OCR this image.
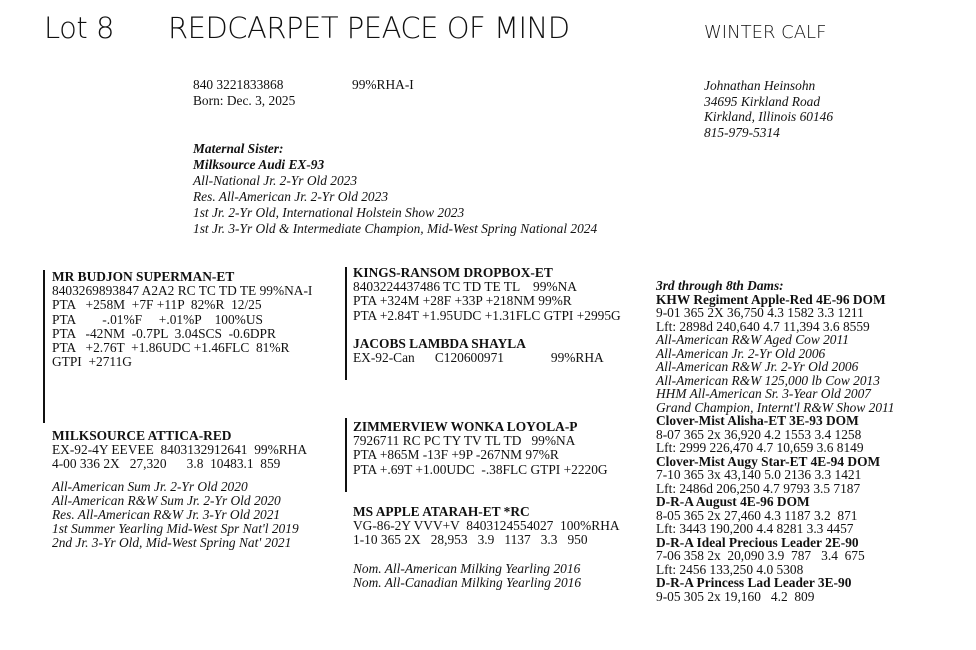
Lot 8 REDCARPET PEACE OF MIND	WINTER CALF
840 3221833868	99%RHA-I
Born: Dec. 3, 2025
Johnathan Heinsohn
34695 Kirkland Road
Kirkland, Illinois 60146
815-979-5314
Maternal Sister:
Milksource Audi EX-93
All-National Jr. 2-Yr Old 2023
Res. All-American Jr. 2-Yr Old 2023
1st Jr. 2-Yr Old, International Holstein Show 2023
1st Jr. 3-Yr Old & Intermediate Champion, Mid-West Spring National 2024
MR BUDJON SUPERMAN-ET
8403269893847 A2A2 RC TC TD TE 99%NA-I
PTA   +258M  +7F +11P  82%R  12/25
PTA        -.01%F     +.01%P    100%US
PTA   -42NM  -0.7PL  3.04SCS  -0.6DPR
PTA   +2.76T  +1.86UDC +1.46FLC  81%R
GTPI  +2711G
MILKSOURCE ATTICA-RED
EX-92-4Y EEVEE  8403132912641  99%RHA
4-00 336 2X   27,320      3.8  10483.1  859
All-American Sum Jr. 2-Yr Old 2020
All-American R&W Sum Jr. 2-Yr Old 2020
Res. All-American R&W Jr. 3-Yr Old 2021
1st Summer Yearling Mid-West Spr Nat'l 2019
2nd Jr. 3-Yr Old, Mid-West Spring Nat' 2021
KINGS-RANSOM DROPBOX-ET
8403224437486 TC TD TE TL    99%NA
PTA +324M +28F +33P +218NM 99%R
PTA +2.84T +1.95UDC +1.31FLC GTPI +2995G
JACOBS LAMBDA SHAYLA
EX-92-Can      C120600971              99%RHA
ZIMMERVIEW WONKA LOYOLA-P
7926711 RC PC TY TV TL TD   99%NA
PTA +865M -13F +9P -267NM 97%R
PTA +.69T +1.00UDC  -.38FLC GTPI +2220G
MS APPLE ATARAH-ET *RC
VG-86-2Y VVV+V  8403124554027  100%RHA
1-10 365 2X   28,953   3.9   1137   3.3   950
Nom. All-American Milking Yearling 2016
Nom. All-Canadian Milking Yearling 2016
3rd through 8th Dams:
KHW Regiment Apple-Red 4E-96 DOM
9-01 365 2X 36,750 4.3 1582 3.3 1211
Lft: 2898d 240,640 4.7 11,394 3.6 8559
All-American R&W Aged Cow 2011
All-American Jr. 2-Yr Old 2006
All-American R&W Jr. 2-Yr Old 2006
All-American R&W 125,000 lb Cow 2013
HHM All-American Sr. 3-Year Old 2007
Grand Champion, Internt'l R&W Show 2011
Clover-Mist Alisha-ET 3E-93 DOM
8-07 365 2x 36,920 4.2 1553 3.4 1258
Lft: 2999 226,470 4.7 10,659 3.6 8149
Clover-Mist Augy Star-ET 4E-94 DOM
7-10 365 3x 43,140 5.0 2136 3.3 1421
Lft: 2486d 206,250 4.7 9793 3.5 7187
D-R-A August 4E-96 DOM
8-05 365 2x 27,460 4.3 1187 3.2  871
Lft: 3443 190,200 4.4 8281 3.3 4457
D-R-A Ideal Precious Leader 2E-90
7-06 358 2x  20,090 3.9  787   3.4  675
Lft: 2456 133,250 4.0 5308
D-R-A Princess Lad Leader 3E-90
9-05 305 2x 19,160   4.2  809
